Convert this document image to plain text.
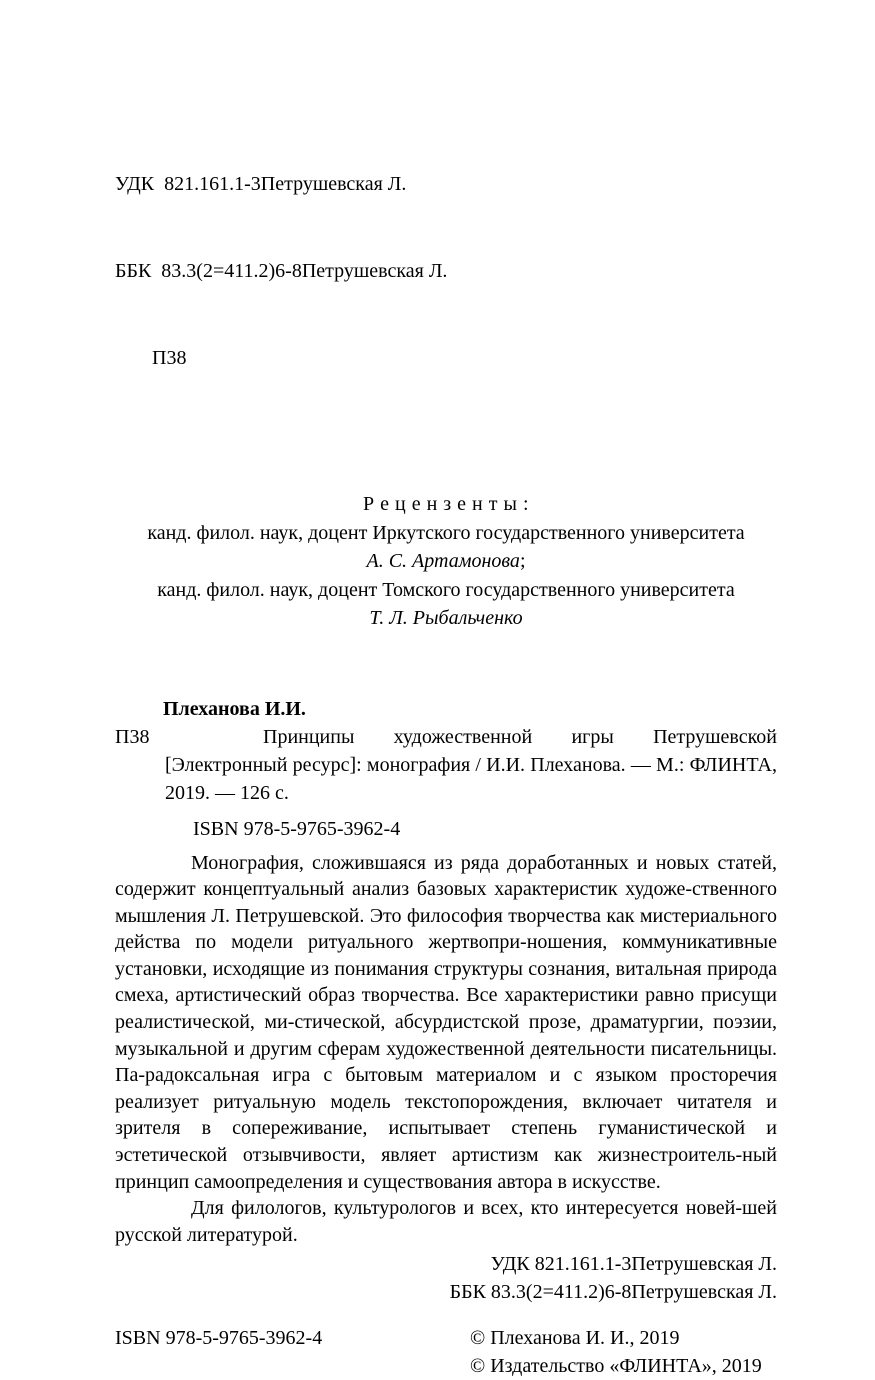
УДК  821.161.1-3Петрушевская Л.

ББК  83.3(2=411.2)6-8Петрушевская Л.

П38

Р е ц е н з е н т ы :
канд. филол. наук, доцент Иркутского государственного университета
А. С. Артамонова;
канд. филол. наук, доцент Томского государственного университета
Т. Л. Рыбальченко
Плеханова И.И.
П38	Принципы художественной игры Петрушевской [Электронный ресурс]: монография / И.И. Плеханова. — М.: ФЛИНТА, 2019. — 126 с.

ISBN 978-5-9765-3962-4

Монография, сложившаяся из ряда доработанных и новых статей, содержит концептуальный анализ базовых характеристик художе-ственного мышления Л. Петрушевской. Это философия творчества как мистериального действа по модели ритуального жертвопри-ношения, коммуникативные установки, исходящие из понимания структуры сознания, витальная природа смеха, артистический образ творчества. Все характеристики равно присущи реалистической, ми-стической, абсурдистской прозе, драматургии, поэзии, музыкальной и другим сферам художественной деятельности писательницы. Па-радоксальная игра с бытовым материалом и с языком просторечия реализует ритуальную модель текстопорождения, включает читателя и зрителя в сопереживание, испытывает степень гуманистической и эстетической отзывчивости, являет артистизм как жизнестроитель-ный принцип самоопределения и существования автора в искусстве.

Для филологов, культурологов и всех, кто интересуется новей-шей русской литературой.

УДК 821.161.1-3Петрушевская Л.
ББК 83.3(2=411.2)6-8Петрушевская Л.
ISBN 978-5-9765-3962-4	© Плеханова И. И., 2019
© Издательство «ФЛИНТА», 2019
